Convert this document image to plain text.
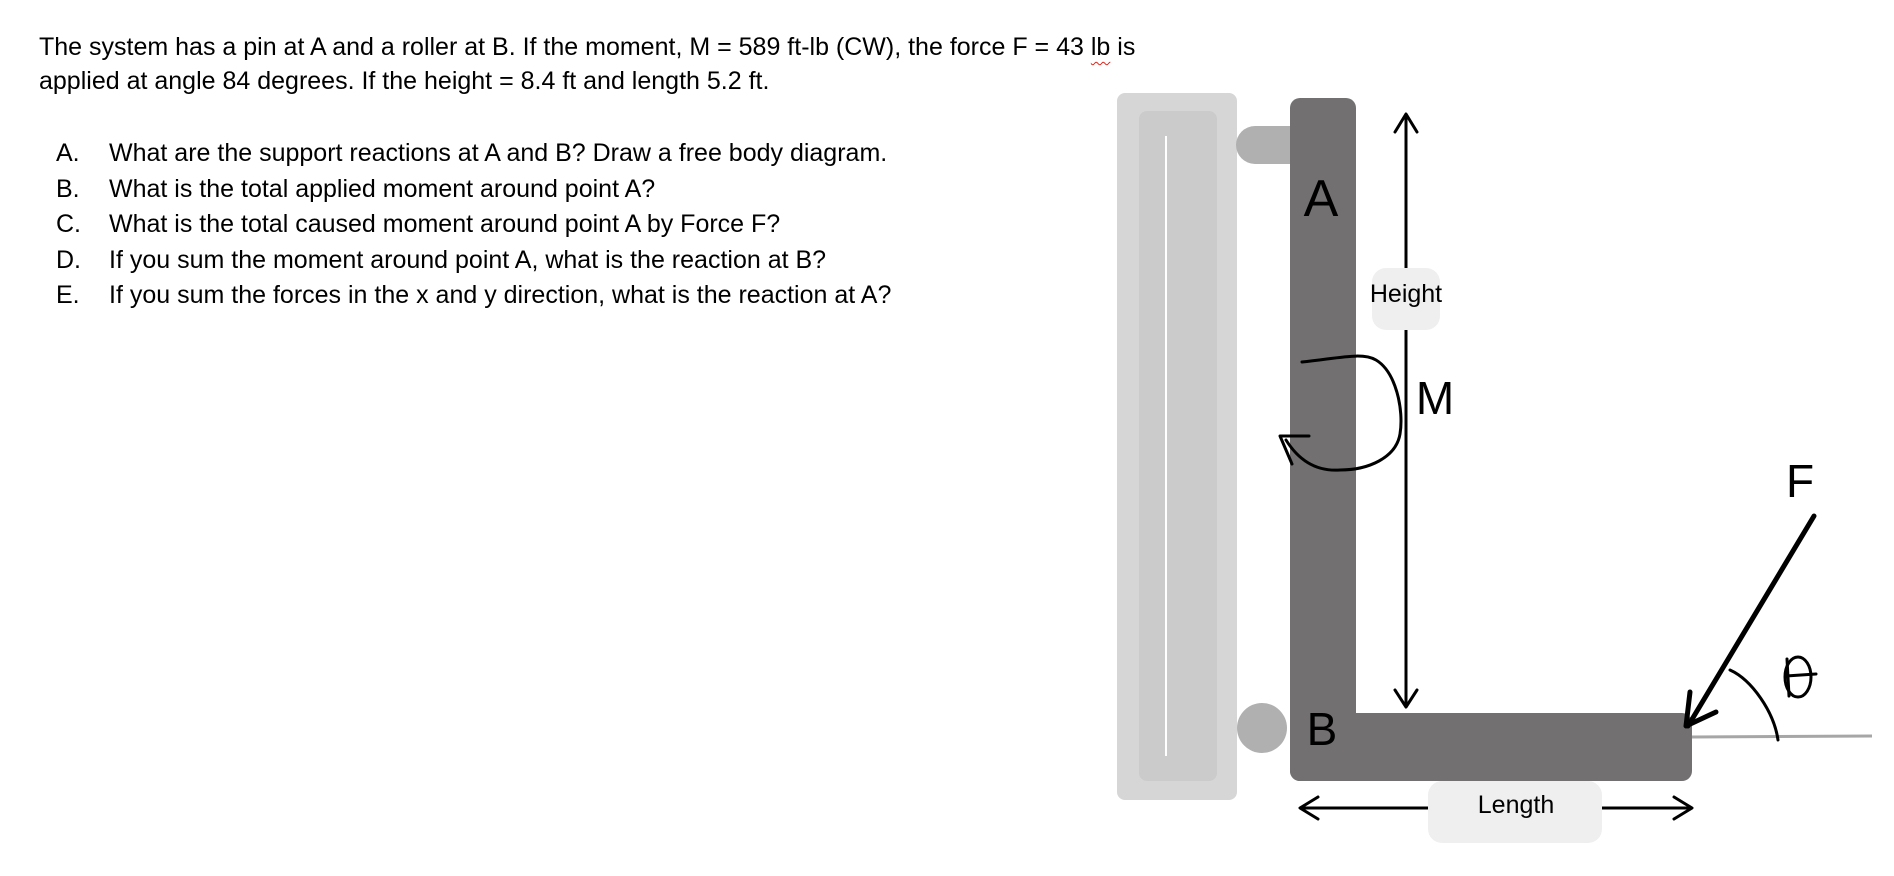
The system has a pin at A and a roller at B. If the moment, M = 589 ft-lb (CW), the force F = 43 lb is

applied at angle 84 degrees. If the height = 8.4 ft and length 5.2 ft.

A.	What are the support reactions at A and B? Draw a free body diagram.
B.	What is the total applied moment around point A?
C.	What is the total caused moment around point A by Force F?
D.	If you sum the moment around point A, what is the reaction at B?
E.	If you sum the forces in the x and y direction, what is the reaction at A?
A
B
Height
M
F
Length
